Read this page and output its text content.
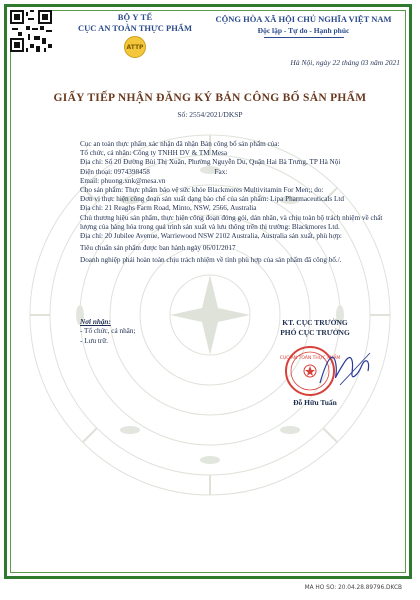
BỘ Y TẾ
CỤC AN TOÀN THỰC PHẨM
ATTP
CỘNG HÒA XÃ HỘI CHỦ NGHĨA VIỆT NAM
Độc lập - Tự do - Hạnh phúc
Hà Nội, ngày 22 tháng 03 năm 2021
GIẤY TIẾP NHẬN ĐĂNG KÝ BẢN CÔNG BỐ SẢN PHẨM
Số: 2554/2021/DKSP

Cục an toàn thực phẩm xác nhận đã nhận Bản công bố sản phẩm của:

Tổ chức, cá nhân: Công ty TNHH DV & TM Mesa

Địa chỉ: Số 20 Đường Bùi Thị Xuân, Phường Nguyễn Du, Quận Hai Bà Trưng, TP Hà Nội

Điện thoại: 0974398458                                    Fax:

Email: phuong.xnk@mesa.vn

Cho sản phẩm: Thực phẩm bảo vệ sức khỏe Blackmores Multivitamin For Men;; do:

Đơn vị thực hiện công đoạn sản xuất dạng bào chế của sản phẩm: Lipa Pharmaceuticals Ltd

Địa chỉ: 21 Reaghs Farm Road, Minto, NSW, 2566, Australia

Chủ thương hiệu sản phẩm, thực hiện công đoạn đóng gói, dán nhãn, và chịu toàn bộ trách nhiệm về chất lượng của hàng hóa trong quá trình sản xuất và lưu thông trên thị trường: Blackmores Ltd.

Địa chỉ: 20 Jubilee Avenue, Warriewood NSW 2102 Australia, Australia sản xuất, phù hợp:

Tiêu chuẩn sản phẩm được ban hành ngày 06/01/2017

Doanh nghiệp phải hoàn toàn chịu trách nhiệm về tính phù hợp của sản phẩm đã công bố./.

Nơi nhận:
- Tổ chức, cá nhân;
- Lưu trữ.
KT. CỤC TRƯỞNG
PHÓ CỤC TRƯỞNG
CỤC AN TOÀN THỰC PHẨM
Đỗ Hữu Tuấn
MA HO SO: 20.04.28.89796.DKCB
